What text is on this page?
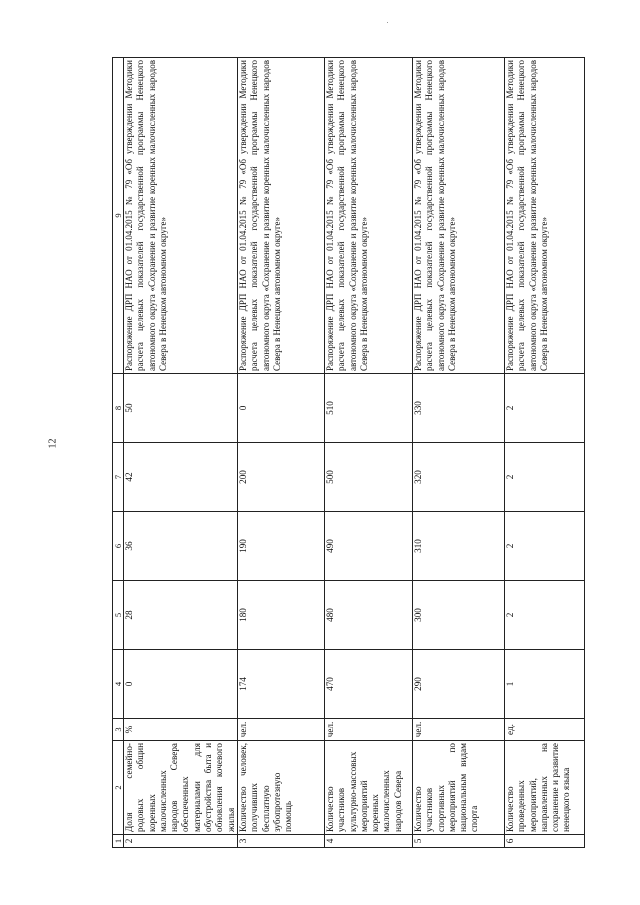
12
1	2	3	4	5	6	7	8	9
2	Доля семейно-родовых общин коренных малочисленных народов Севера обеспеченных материалами для обустройства быта и обновления кочевого жилья	%	0	28	36	42	50	Распоряжение ДРП НАО от 01.04.2015 № 79 «Об утверждении Методики расчета целевых показателей государственной программы Ненецкого автономного округа «Сохранение и развитие коренных малочисленных народов Севера в Ненецком автономном округе»
3	Количество человек, получивших бесплатную зубопротезную помощь	чел.	174	180	190	200	0	Распоряжение ДРП НАО от 01.04.2015 № 79 «Об утверждении Методики расчета целевых показателей государственной программы Ненецкого автономного округа «Сохранение и развитие коренных малочисленных народов Севера в Ненецком автономном округе»
4	Количество участников культурно-массовых мероприятий коренных малочисленных народов Севера	чел.	470	480	490	500	510	Распоряжение ДРП НАО от 01.04.2015 № 79 «Об утверждении Методики расчета целевых показателей государственной программы Ненецкого автономного округа «Сохранение и развитие коренных малочисленных народов Севера в Ненецком автономном округе»
5	Количество участников спортивных мероприятий по национальным видам спорта	чел.	290	300	310	320	330	Распоряжение ДРП НАО от 01.04.2015 № 79 «Об утверждении Методики расчета целевых показателей государственной программы Ненецкого автономного округа «Сохранение и развитие коренных малочисленных народов Севера в Ненецком автономном округе»
6	Количество проведенных мероприятий, направленных на сохранение и развитие ненецкого языка	ед.	1	2	2	2	2	Распоряжение ДРП НАО от 01.04.2015 № 79 «Об утверждении Методики расчета целевых показателей государственной программы Ненецкого автономного округа «Сохранение и развитие коренных малочисленных народов Севера в Ненецком автономном округе»
